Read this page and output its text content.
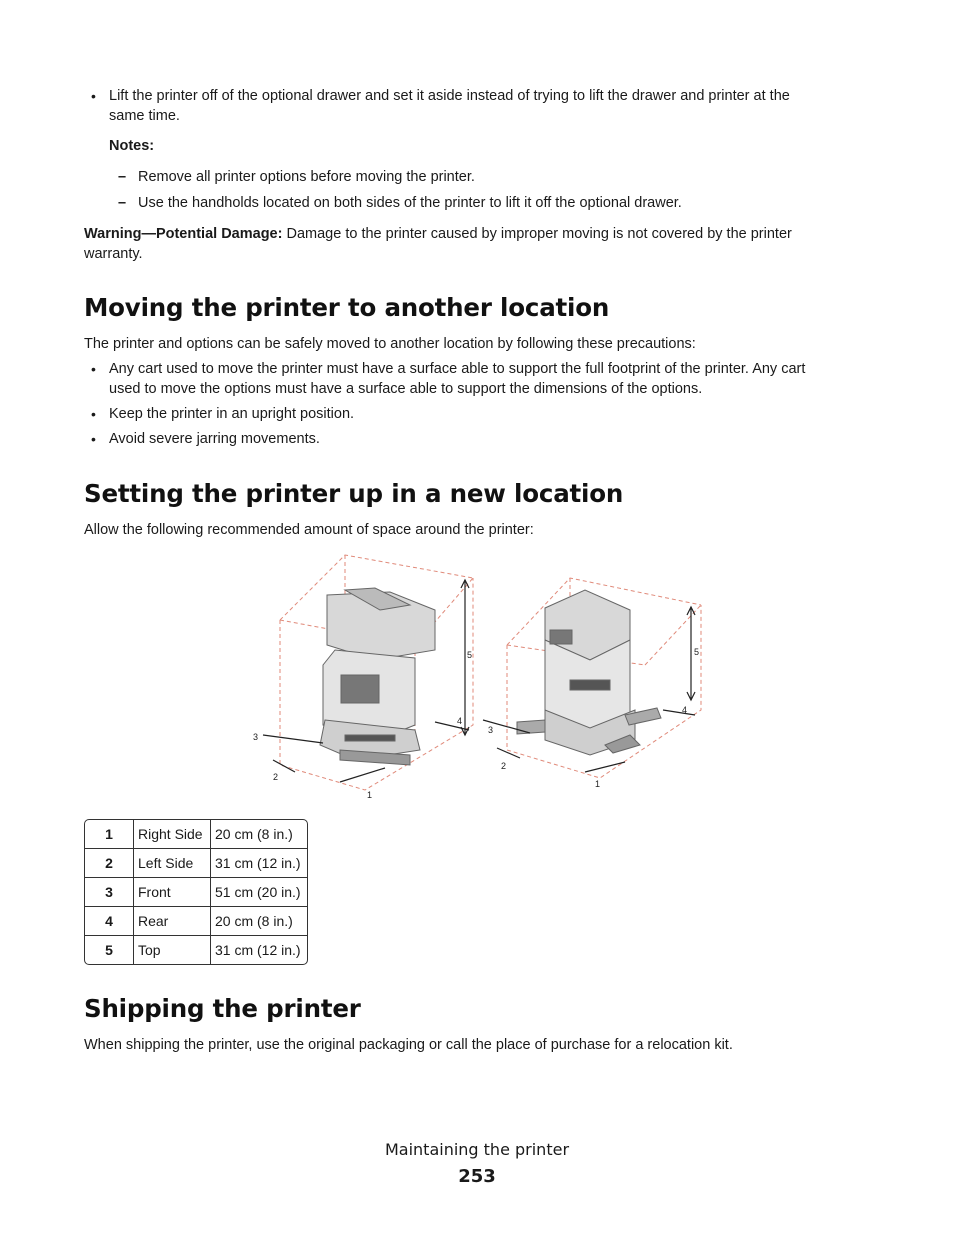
• Lift the printer off of the optional drawer and set it aside instead of trying to lift the drawer and printer at the
same time.
Notes:
– Remove all printer options before moving the printer.
– Use the handholds located on both sides of the printer to lift it off the optional drawer.
Warning—Potential Damage: Damage to the printer caused by improper moving is not covered by the printer
warranty.
Moving the printer to another location
The printer and options can be safely moved to another location by following these precautions:
• Any cart used to move the printer must have a surface able to support the full footprint of the printer. Any cart
used to move the options must have a surface able to support the dimensions of the options.
• Keep the printer in an upright position.
• Avoid severe jarring movements.
Setting the printer up in a new location
Allow the following recommended amount of space around the printer:
3
2
1
4
5
3
2
1
4
5
1	Right Side	20 cm (8 in.)
2	Left Side	31 cm (12 in.)
3	Front	51 cm (20 in.)
4	Rear	20 cm (8 in.)
5	Top	31 cm (12 in.)
Shipping the printer
When shipping the printer, use the original packaging or call the place of purchase for a relocation kit.
Maintaining the printer
253
